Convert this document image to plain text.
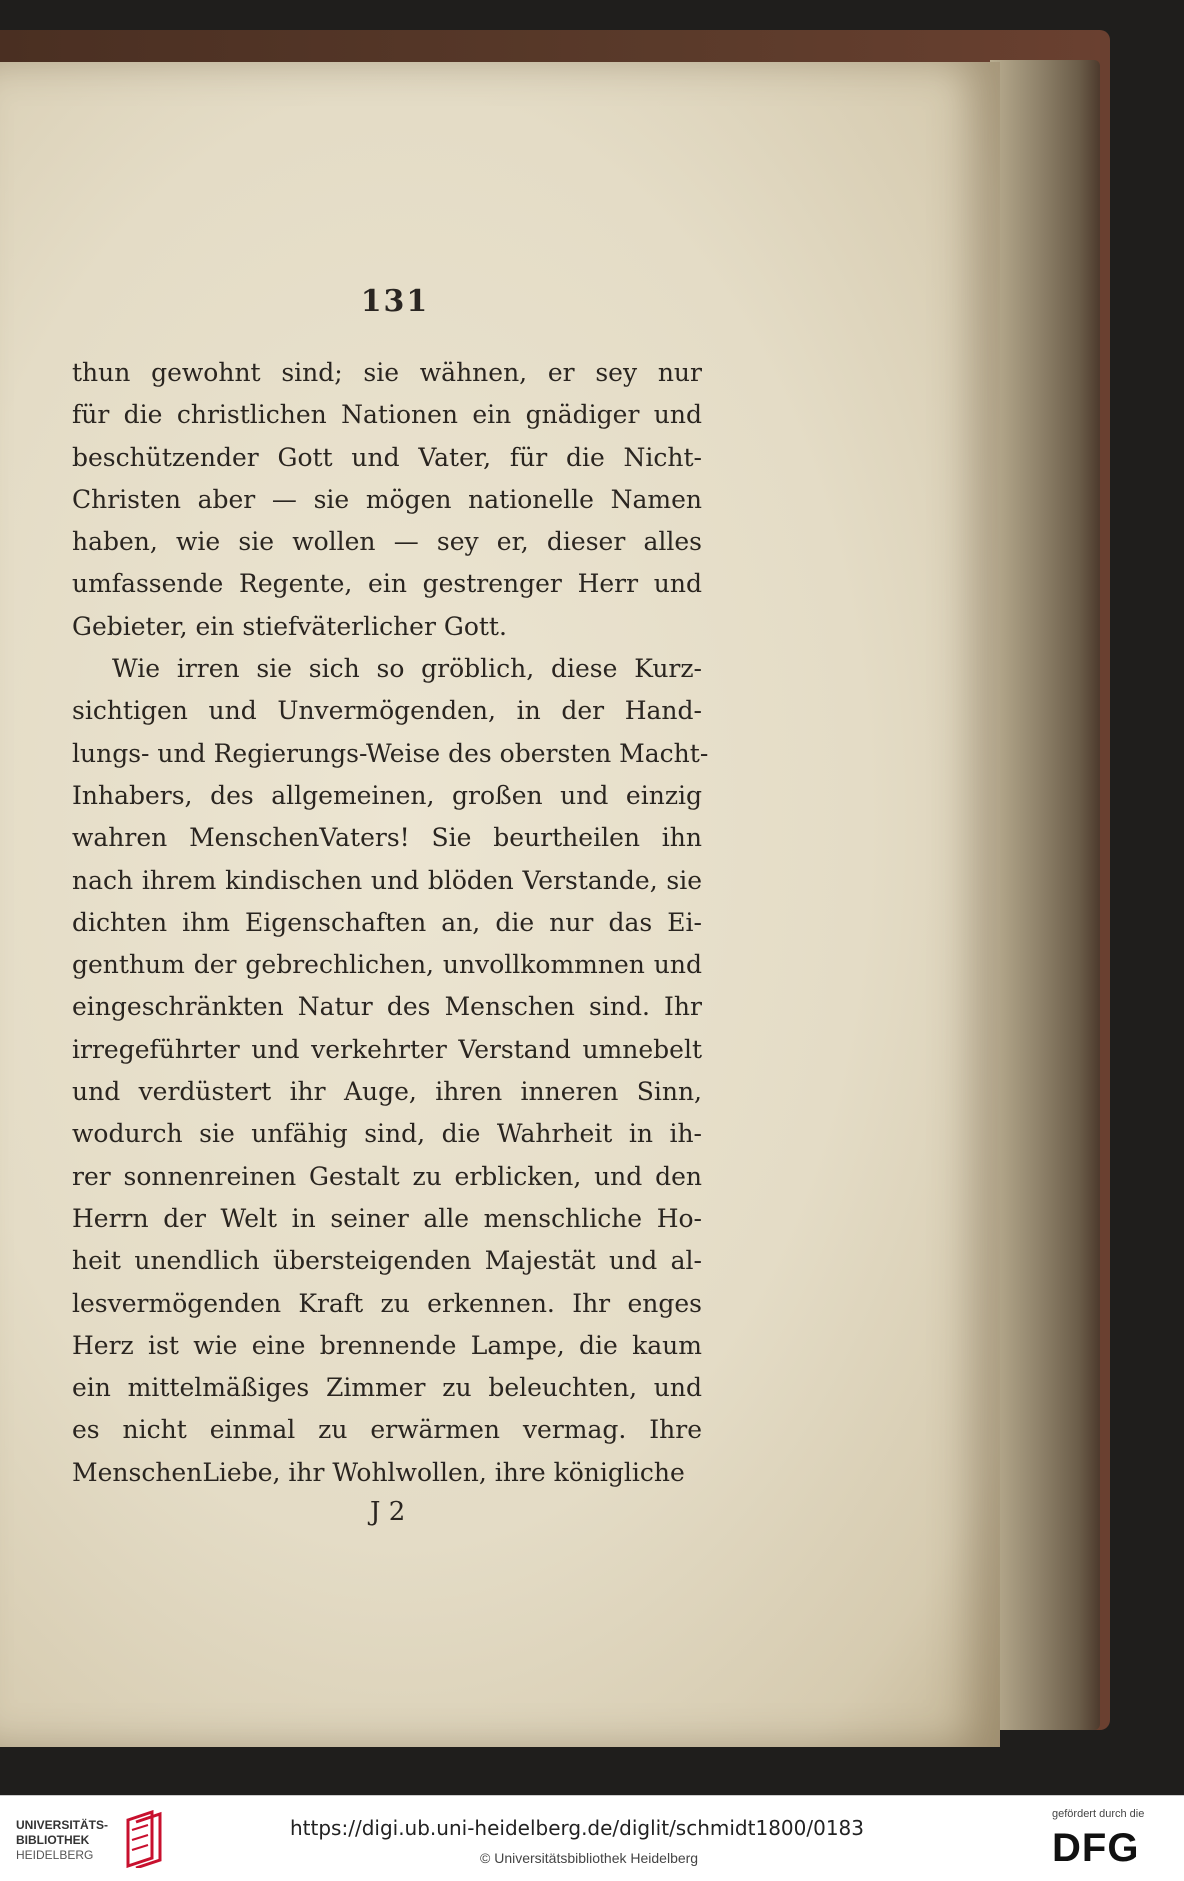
131
thun gewohnt sind; sie wähnen, er sey nur
für die christlichen Nationen ein gnädiger und
beschützender Gott und Vater, für die Nicht-
Christen aber — sie mögen nationelle Namen
haben, wie sie wollen — sey er, dieser alles
umfassende Regente, ein gestrenger Herr und
Gebieter, ein stiefväterlicher Gott.
Wie irren sie sich so gröblich, diese Kurz-
sichtigen und Unvermögenden, in der Hand-
lungs- und Regierungs-Weise des obersten Macht-
Inhabers, des allgemeinen, großen und einzig
wahren MenschenVaters! Sie beurtheilen ihn
nach ihrem kindischen und blöden Verstande, sie
dichten ihm Eigenschaften an, die nur das Ei-
genthum der gebrechlichen, unvollkommnen und
eingeschränkten Natur des Menschen sind. Ihr
irregeführter und verkehrter Verstand umnebelt
und verdüstert ihr Auge, ihren inneren Sinn,
wodurch sie unfähig sind, die Wahrheit in ih-
rer sonnenreinen Gestalt zu erblicken, und den
Herrn der Welt in seiner alle menschliche Ho-
heit unendlich übersteigenden Majestät und al-
lesvermögenden Kraft zu erkennen. Ihr enges
Herz ist wie eine brennende Lampe, die kaum
ein mittelmäßiges Zimmer zu beleuchten, und
es nicht einmal zu erwärmen vermag. Ihre
MenschenLiebe, ihr Wohlwollen, ihre königliche
J 2
UNIVERSITÄTS-
BIBLIOTHEK
HEIDELBERG
https://digi.ub.uni-heidelberg.de/diglit/schmidt1800/0183
© Universitätsbibliothek Heidelberg
gefördert durch die
DFG
